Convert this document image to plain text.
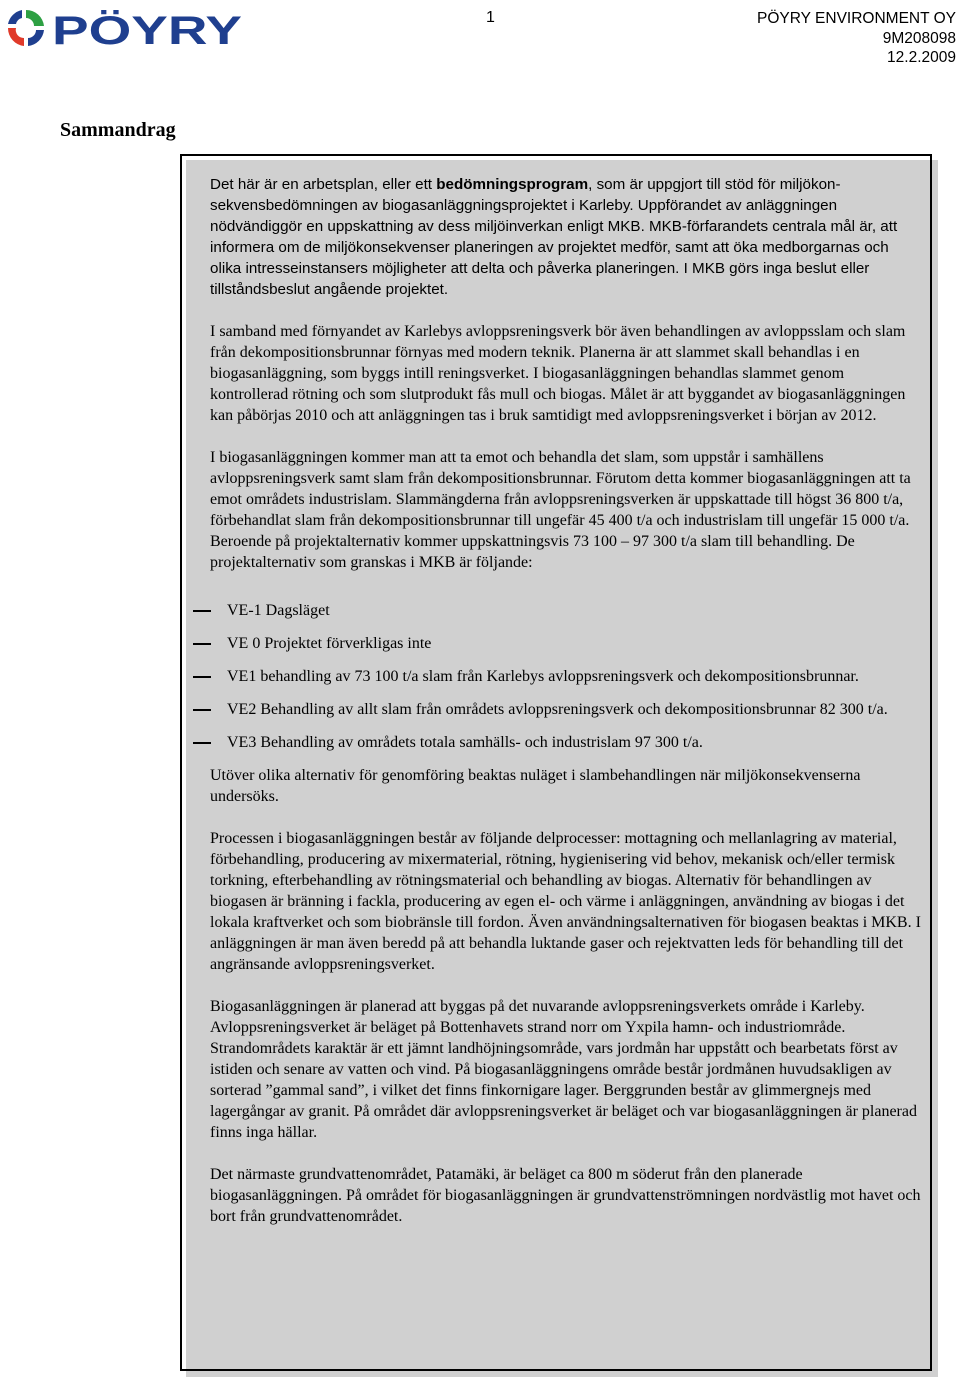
PÖYRY	1	PÖYRY ENVIRONMENT OY
9M208098
12.2.2009
Sammandrag

Det här är en arbetsplan, eller ett bedömningsprogram, som är uppgjort till stöd för miljökonsekvensbedömningen av biogasanläggningsprojektet i Karleby. Uppförandet av anläggningen nödvändiggör en uppskattning av dess miljöinverkan enligt MKB. MKB-förfarandets centrala mål är, att informera om de miljökonsekvenser planeringen av projektet medför, samt att öka medborgarnas och olika intresseinstansers möjligheter att delta och påverka planeringen. I MKB görs inga beslut eller tillståndsbeslut angående projektet.

I samband med förnyandet av Karlebys avloppsreningsverk bör även behandlingen av avloppsslam och slam från dekompositionsbrunnar förnyas med modern teknik. Planerna är att slammet skall behandlas i en biogasanläggning, som byggs intill reningsverket. I biogasanläggningen behandlas slammet genom kontrollerad rötning och som slutprodukt fås mull och biogas. Målet är att byggandet av biogasanläggningen kan påbörjas 2010 och att anläggningen tas i bruk samtidigt med avloppsreningsverket i början av 2012.

I biogasanläggningen kommer man att ta emot och behandla det slam, som uppstår i samhällens avloppsreningsverk samt slam från dekompositionsbrunnar. Förutom detta kommer biogasanläggningen att ta emot områdets industrislam. Slammängderna från avloppsreningsverken är uppskattade till högst 36 800 t/a, förbehandlat slam från dekompositionsbrunnar till ungefär 45 400 t/a och industrislam till ungefär 15 000 t/a. Beroende på projektalternativ kommer uppskattningsvis 73 100 – 97 300 t/a slam till behandling. De projektalternativ som granskas i MKB är följande:

VE-1 Dagsläget
VE 0 Projektet förverkligas inte
VE1 behandling av 73 100 t/a slam från Karlebys avloppsreningsverk och dekompositionsbrunnar.
VE2 Behandling av allt slam från områdets avloppsreningsverk och dekompositionsbrunnar 82 300 t/a.
VE3 Behandling av områdets totala samhälls- och industrislam 97 300 t/a.

Utöver olika alternativ för genomföring beaktas nuläget i slambehandlingen när miljökonsekvenserna undersöks.

Processen i biogasanläggningen består av följande delprocesser: mottagning och mellanlagring av material, förbehandling, producering av mixermaterial, rötning, hygienisering vid behov, mekanisk och/eller termisk torkning, efterbehandling av rötningsmaterial och behandling av biogas. Alternativ för behandlingen av biogasen är bränning i fackla, producering av egen el- och värme i anläggningen, användning av biogas i det lokala kraftverket och som biobränsle till fordon. Även användningsalternativen för biogasen beaktas i MKB. I anläggningen är man även beredd på att behandla luktande gaser och rejektvatten leds för behandling till det angränsande avloppsreningsverket.

Biogasanläggningen är planerad att byggas på det nuvarande avloppsreningsverkets område i Karleby. Avloppsreningsverket är beläget på Bottenhavets strand norr om Yxpila hamn- och industriområde. Strandområdets karaktär är ett jämnt landhöjningsområde, vars jordmån har uppstått och bearbetats först av istiden och senare av vatten och vind. På biogasanläggningens område består jordmånen huvudsakligen av sorterad ”gammal sand”, i vilket det finns finkornigare lager. Berggrunden består av glimmergnejs med lagergångar av granit. På området där avloppsreningsverket är beläget och var biogasanläggningen är planerad finns inga hällar.

Det närmaste grundvattenområdet, Patamäki, är beläget ca 800 m söderut från den planerade biogasanläggningen. På området för biogasanläggningen är grundvattenströmningen nordvästlig mot havet och bort från grundvattenområdet.
